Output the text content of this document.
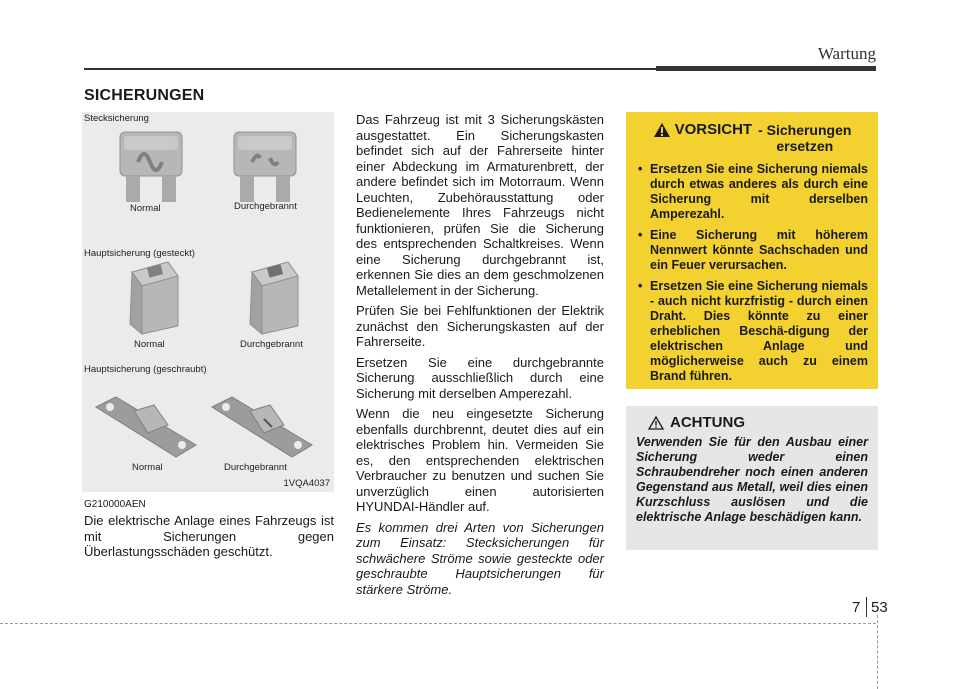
Wartung
SICHERUNGEN
Stecksicherung
Normal	Durchgebrannt
Hauptsicherung (gesteckt)
Normal	Durchgebrannt
Hauptsicherung (geschraubt)
Normal	Durchgebrannt
1VQA4037
G210000AEN

Die elektrische Anlage eines Fahrzeugs ist mit Sicherungen gegen Überlastungsschäden geschützt.

Das Fahrzeug ist mit 3 Sicherungskästen ausgestattet. Ein Sicherungskasten befindet sich auf der Fahrerseite hinter einer Abdeckung im Armaturenbrett, der andere befindet sich im Motorraum. Wenn Leuchten, Zubehörausstattung oder Bedienelemente Ihres Fahrzeugs nicht funktionieren, prüfen Sie die Sicherung des entsprechenden Schaltkreises. Wenn eine Sicherung durchgebrannt ist, erkennen Sie dies an dem geschmolzenen Metallelement in der Sicherung.

Prüfen Sie bei Fehlfunktionen der Elektrik zunächst den Sicherungskasten auf der Fahrerseite.

Ersetzen Sie eine durchgebrannte Sicherung ausschließlich durch eine Sicherung mit derselben Amperezahl.

Wenn die neu eingesetzte Sicherung ebenfalls durchbrennt, deutet dies auf ein elektrisches Problem hin. Vermeiden Sie es, den entsprechenden elektrischen Verbraucher zu benutzen und suchen Sie unverzüglich einen autorisierten HYUNDAI-Händler auf.

Es kommen drei Arten von Sicherungen zum Einsatz: Stecksicherungen für schwächere Ströme sowie gesteckte oder geschraubte Hauptsicherungen für stärkere Ströme.

VORSICHT - Sicherungen
ersetzen
• Ersetzen Sie eine Sicherung niemals durch etwas anderes als durch eine Sicherung mit derselben Amperezahl.
• Eine Sicherung mit höherem Nennwert könnte Sachschaden und ein Feuer verursachen.
• Ersetzen Sie eine Sicherung niemals - auch nicht kurzfristig - durch einen Draht. Dies könnte zu einer erheblichen Beschä-digung der elektrischen Anlage und möglicherweise auch zu einem Brand führen.
ACHTUNG
Verwenden Sie für den Ausbau einer Sicherung weder einen Schraubendreher noch einen anderen Gegenstand aus Metall, weil dies einen Kurzschluss auslösen und die elektrische Anlage beschädigen kann.
7 53
